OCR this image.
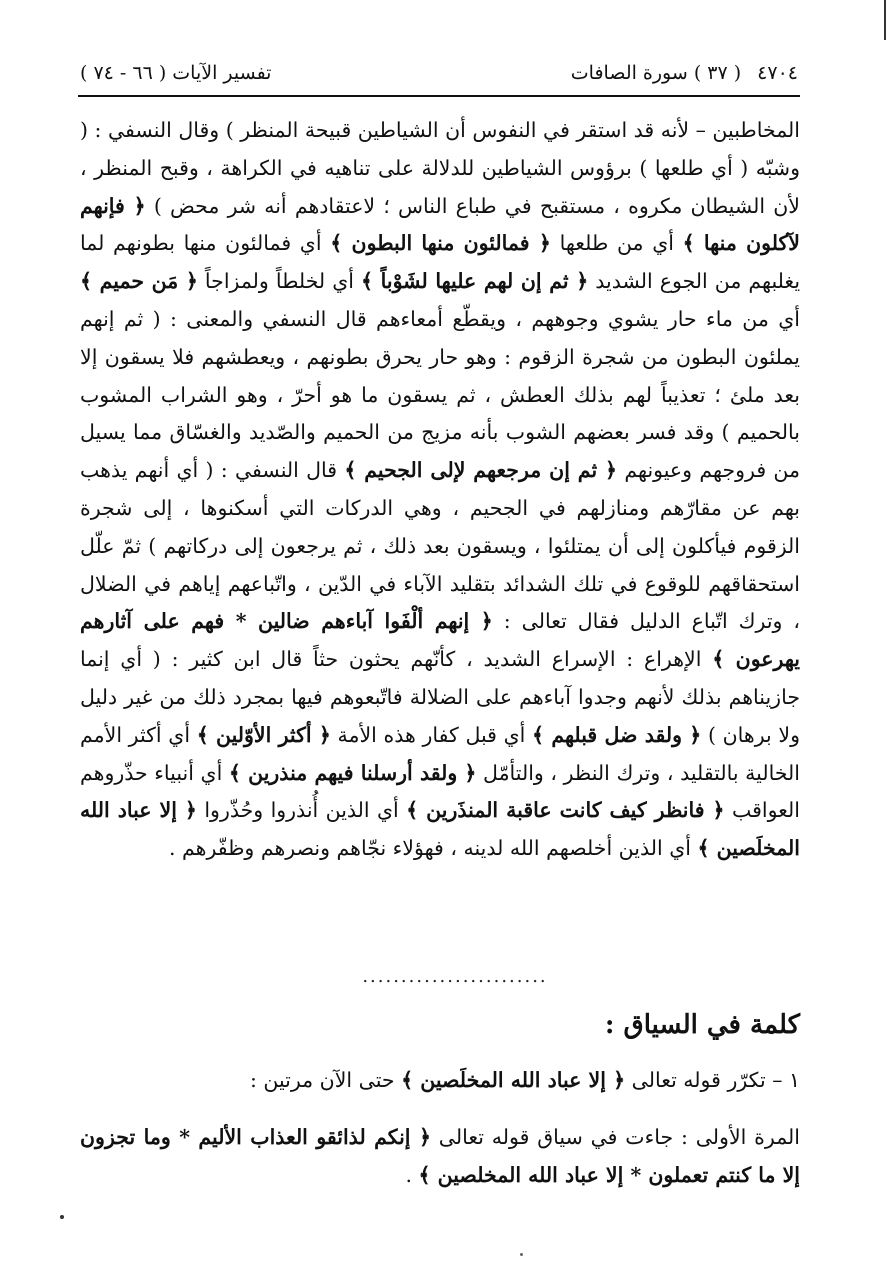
٤٧٠٤
( ٣٧ ) سورة الصافات
تفسير الآيات ( ٦٦ - ٧٤ )

المخاطبين – لأنه قد استقر في النفوس أن الشياطين قبيحة المنظر ) وقال النسفي : ( وشبّه ( أي طلعها ) برؤوس الشياطين للدلالة على تناهيه في الكراهة ، وقبح المنظر ، لأن الشيطان مكروه ، مستقبح في طباع الناس ؛ لاعتقادهم أنه شر محض ) ﴿ فإنهم لآكلون منها ﴾ أي من طلعها ﴿ فمالئون منها البطون ﴾ أي فمالئون منها بطونهم لما يغلبهم من الجوع الشديد ﴿ ثم إن لهم عليها لشَوْباً ﴾ أي لخلطاً ولمزاجاً ﴿ مَن حميم ﴾ أي من ماء حار يشوي وجوههم ، ويقطّع أمعاءهم قال النسفي والمعنى : ( ثم إنهم يملئون البطون من شجرة الزقوم : وهو حار يحرق بطونهم ، ويعطشهم فلا يسقون إلا بعد ملئ ؛ تعذيباً لهم بذلك العطش ، ثم يسقون ما هو أحرّ ، وهو الشراب المشوب بالحميم ) وقد فسر بعضهم الشوب بأنه مزيج من الحميم والصّديد والغسّاق مما يسيل من فروجهم وعيونهم ﴿ ثم إن مرجعهم لإلى الجحيم ﴾ قال النسفي : ( أي أنهم يذهب بهم عن مقارّهم ومنازلهم في الجحيم ، وهي الدركات التي أسكنوها ، إلى شجرة الزقوم فيأكلون إلى أن يمتلئوا ، ويسقون بعد ذلك ، ثم يرجعون إلى دركاتهم ) ثمّ علّل استحقاقهم للوقوع في تلك الشدائد بتقليد الآباء في الدّين ، واتّباعهم إياهم في الضلال ، وترك اتّباع الدليل فقال تعالى : ﴿ إنهم ألْفَوا آباءهم ضالين * فهم على آثارهم يهرعون ﴾ الإهراع : الإسراع الشديد ، كأنّهم يحثون حثاً قال ابن كثير : ( أي إنما جازيناهم بذلك لأنهم وجدوا آباءهم على الضلالة فاتّبعوهم فيها بمجرد ذلك من غير دليل ولا برهان ) ﴿ ولقد ضل قبلهم ﴾ أي قبل كفار هذه الأمة ﴿ أكثر الأوّلين ﴾ أي أكثر الأمم الخالية بالتقليد ، وترك النظر ، والتأمّل ﴿ ولقد أرسلنا فيهم منذرين ﴾ أي أنبياء حذّروهم العواقب ﴿ فانظر كيف كانت عاقبة المنذَرين ﴾ أي الذين أُنذروا وحُذّروا ﴿ إلا عباد الله المخلَصين ﴾ أي الذين أخلصهم الله لدينه ، فهؤلاء نجّاهم ونصرهم وظفّرهم .

........................
كلمة في السياق :
١ – تكرّر قوله تعالى ﴿ إلا عباد الله المخلَصين ﴾ حتى الآن مرتين :

المرة الأولى : جاءت في سياق قوله تعالى ﴿ إنكم لذائقو العذاب الأليم * وما تجزون إلا ما كنتم تعملون * إلا عباد الله المخلصين ﴾ .
